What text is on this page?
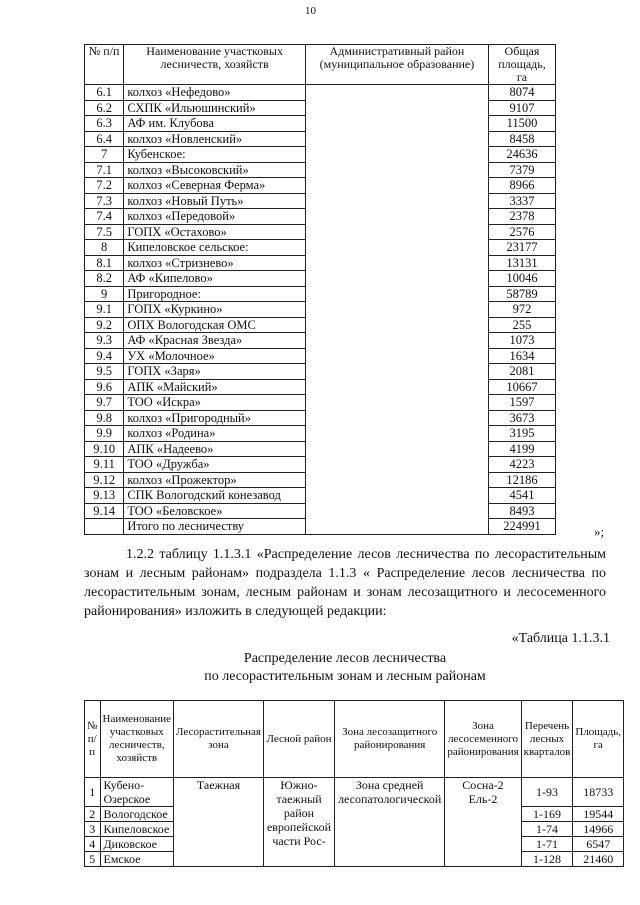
10
№ п/п	Наименование участковых лесничеств, хозяйств	Административный район (муниципальное образование)	Общая площадь, га
6.1	колхоз «Нефедово»		8074
6.2	СХПК «Ильюшинский»		9107
6.3	АФ им. Клубова		11500
6.4	колхоз «Новленский»		8458
7	Кубенское:		24636
7.1	колхоз «Высоковский»		7379
7.2	колхоз «Северная Ферма»		8966
7.3	колхоз «Новый Путь»		3337
7.4	колхоз «Передовой»		2378
7.5	ГОПХ «Остахово»		2576
8	Кипеловское сельское:		23177
8.1	колхоз «Стризнево»		13131
8.2	АФ «Кипелово»		10046
9	Пригородное:		58789
9.1	ГОПХ «Куркино»		972
9.2	ОПХ Вологодская ОМС		255
9.3	АФ «Красная Звезда»		1073
9.4	УХ «Молочное»		1634
9.5	ГОПХ «Заря»		2081
9.6	АПК «Майский»		10667
9.7	ТОО «Искра»		1597
9.8	колхоз «Пригородный»		3673
9.9	колхоз «Родина»		3195
9.10	АПК «Надеево»		4199
9.11	ТОО «Дружба»		4223
9.12	колхоз «Прожектор»		12186
9.13	СПК Вологодский конезавод		4541
9.14	ТОО «Беловское»		8493
	Итого по лесничеству		224991	»;
1.2.2 таблицу 1.1.3.1 «Распределение лесов лесничества по лесорастительным зонам и лесным районам» подраздела 1.1.3 « Распределение лесов лесничества по лесорастительным зонам, лесным районам и зонам лесозащитного и лесосеменного районирования» изложить в следующей редакции:
«Таблица 1.1.3.1
Распределение лесов лесничества
по лесорастительным зонам и лесным районам
№ п/п	Наименование участковых лесничеств, хозяйств	Лесорастительная зона	Лесной район	Зона лесозащитного районирования	Зона лесосеменного районирования	Перечень лесных кварталов	Площадь, га
1	Кубено-Озерское	Таежная	Южно-таежный район европейской части Рос-	Зона средней лесопатологической	Сосна-2 Ель-2	1-93	18733
2	Вологодское					1-169	19544
3	Кипеловское					1-74	14966
4	Диковское					1-71	6547
5	Емское					1-128	21460
